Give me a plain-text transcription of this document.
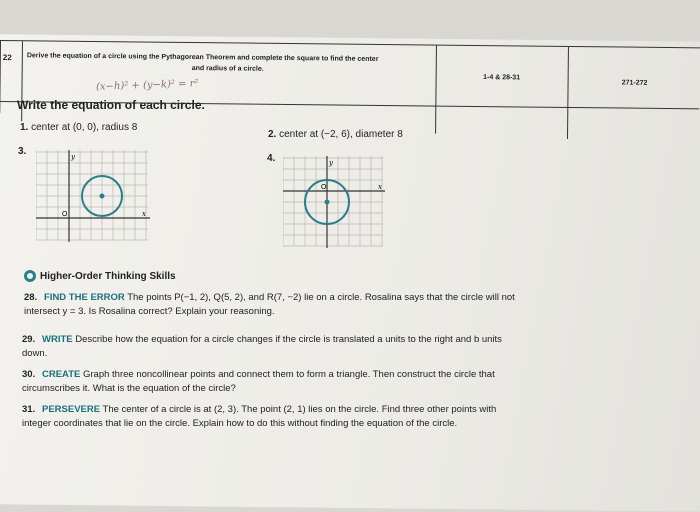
22	Derive the equation of a circle using the Pythagorean Theorem and complete the square to find the center
and radius of a circle.
1-4 & 28-31
271-272
(x−h)² + (y−k)² = r²
Write the equation of each circle.
1. center at (0, 0), radius 8
2. center at (−2, 6), diameter 8
3.
4.
y
x
O
y
x
O
Higher-Order Thinking Skills
28. FIND THE ERROR The points P(−1, 2), Q(5, 2), and R(7, −2) lie on a circle. Rosalina says that the circle will not intersect y = 3. Is Rosalina correct? Explain your reasoning.
29. WRITE Describe how the equation for a circle changes if the circle is translated a units to the right and b units down.
30. CREATE Graph three noncollinear points and connect them to form a triangle. Then construct the circle that circumscribes it. What is the equation of the circle?
31. PERSEVERE The center of a circle is at (2, 3). The point (2, 1) lies on the circle. Find three other points with integer coordinates that lie on the circle. Explain how to do this without finding the equation of the circle.
